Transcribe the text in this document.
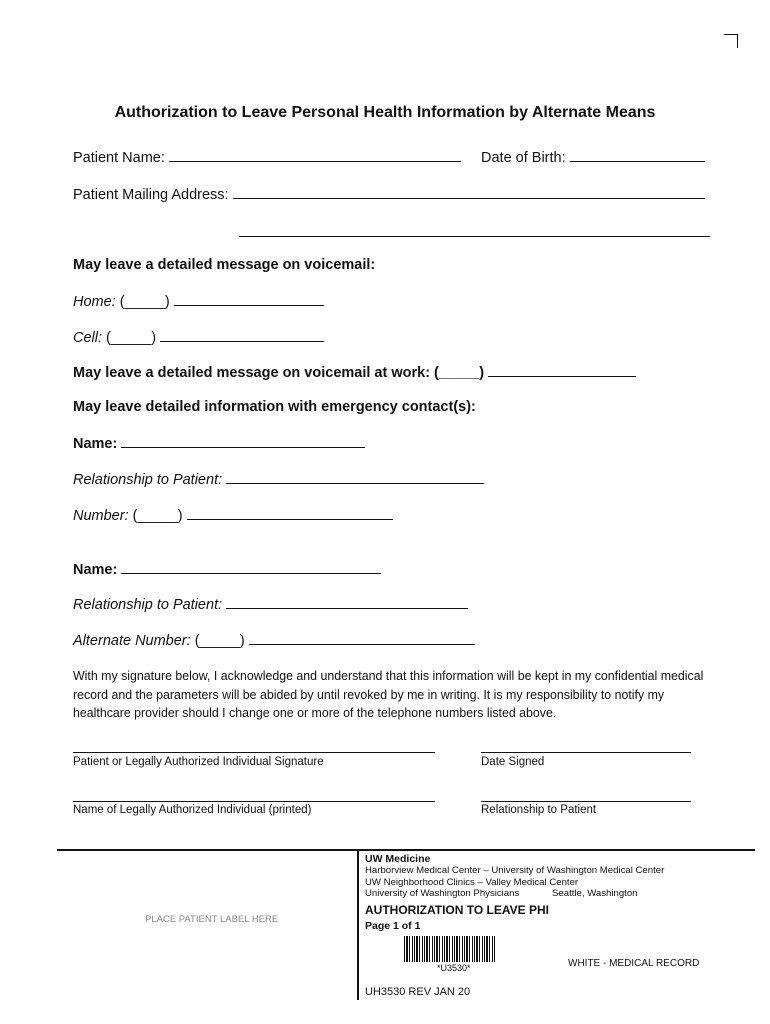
Authorization to Leave Personal Health Information by Alternate Means
Patient Name:	Date of Birth:
Patient Mailing Address:
May leave a detailed message on voicemail:
Home: (_____)
Cell: (_____)
May leave a detailed message on voicemail at work: (_____)
May leave detailed information with emergency contact(s):
Name:
Relationship to Patient:
Number: (_____)
Name:
Relationship to Patient:
Alternate Number: (_____)
With my signature below, I acknowledge and understand that this information will be kept in my confidential medical record and the parameters will be abided by until revoked by me in writing. It is my responsibility to notify my healthcare provider should I change one or more of the telephone numbers listed above.
Patient or Legally Authorized Individual Signature	Date Signed
Name of Legally Authorized Individual (printed)	Relationship to Patient
PLACE PATIENT LABEL HERE
UW Medicine
Harborview Medical Center – University of Washington Medical Center
UW Neighborhood Clinics – Valley Medical Center
University of Washington Physicians	Seattle, Washington
AUTHORIZATION TO LEAVE PHI
Page 1 of 1
*U3530*	WHITE - MEDICAL RECORD
UH3530 REV JAN 20
